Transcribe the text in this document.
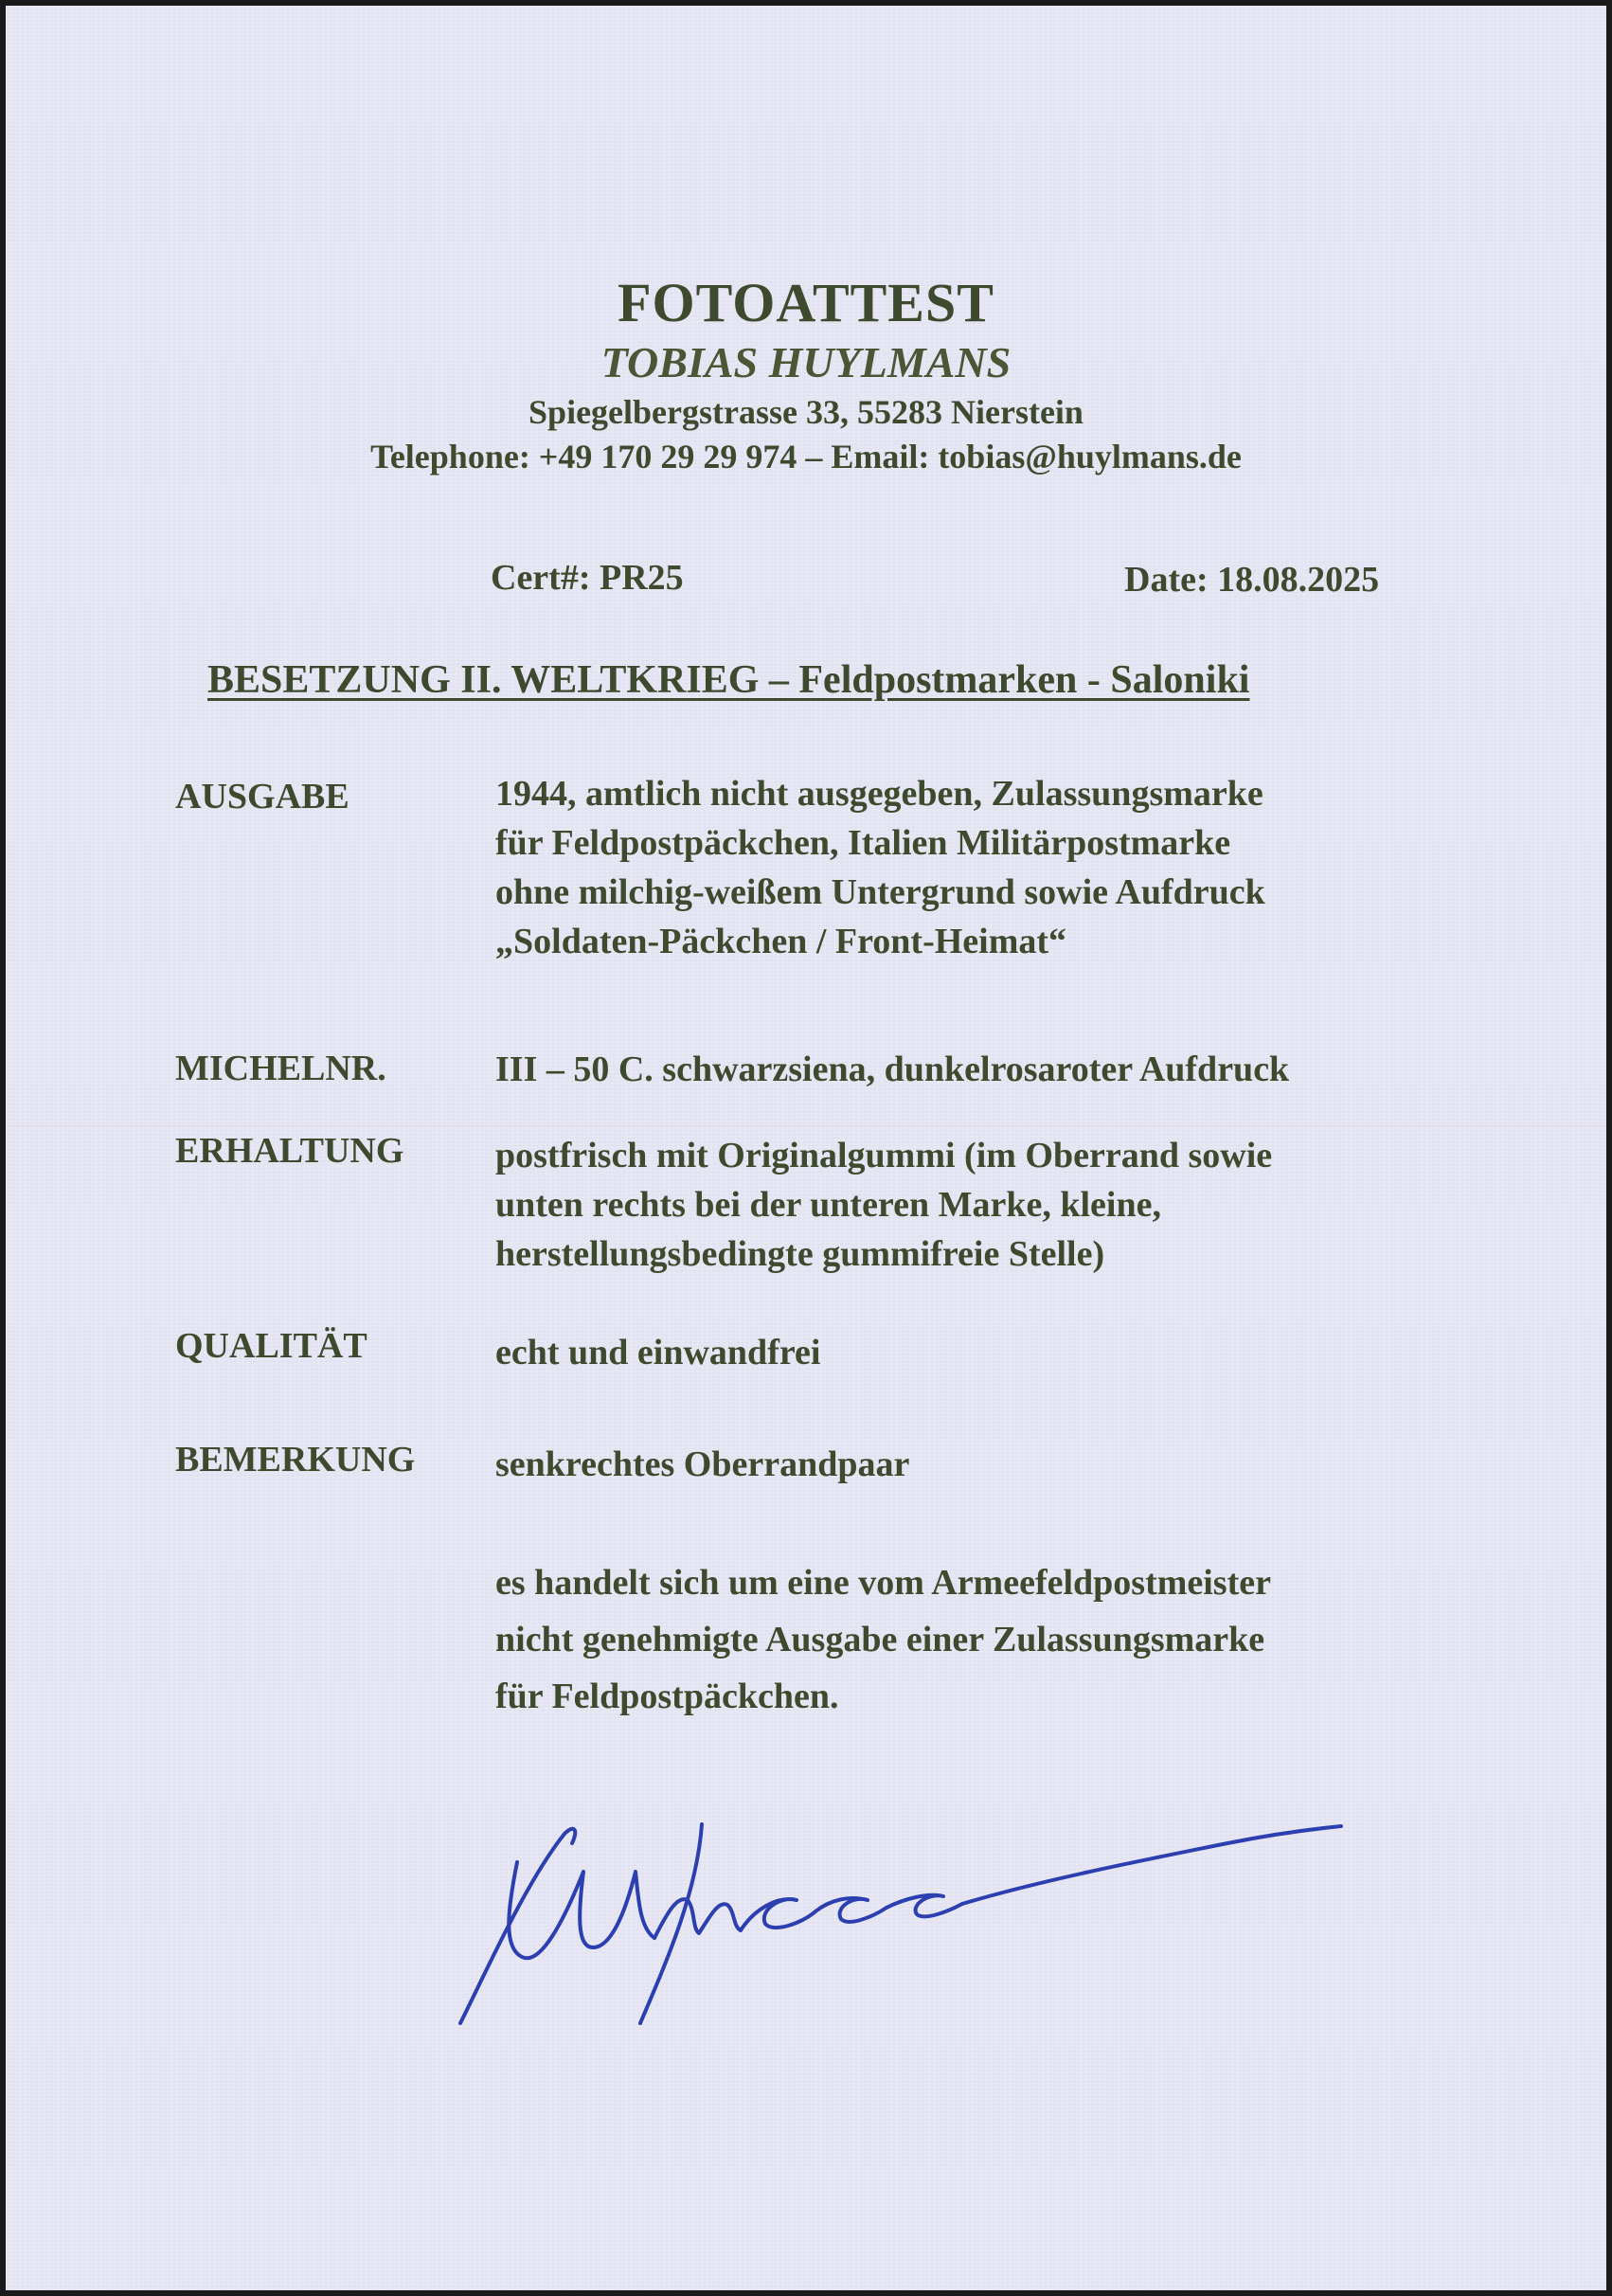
FOTOATTEST
TOBIAS HUYLMANS
Spiegelbergstrasse 33, 55283 Nierstein
Telephone: +49 170 29 29 974 – Email: tobias@huylmans.de
Cert#: PR25	Date: 18.08.2025
BESETZUNG II. WELTKRIEG – Feldpostmarken - Saloniki
AUSGABE	1944, amtlich nicht ausgegeben, Zulassungsmarke
für Feldpostpäckchen, Italien Militärpostmarke
ohne milchig-weißem Untergrund sowie Aufdruck
„Soldaten-Päckchen / Front-Heimat“
MICHELNR.	III – 50 C. schwarzsiena, dunkelrosaroter Aufdruck
ERHALTUNG	postfrisch mit Originalgummi (im Oberrand sowie
unten rechts bei der unteren Marke, kleine,
herstellungsbedingte gummifreie Stelle)
QUALITÄT	echt und einwandfrei
BEMERKUNG senkrechtes Oberrandpaar
es handelt sich um eine vom Armeefeldpostmeister
nicht genehmigte Ausgabe einer Zulassungsmarke
für Feldpostpäckchen.
